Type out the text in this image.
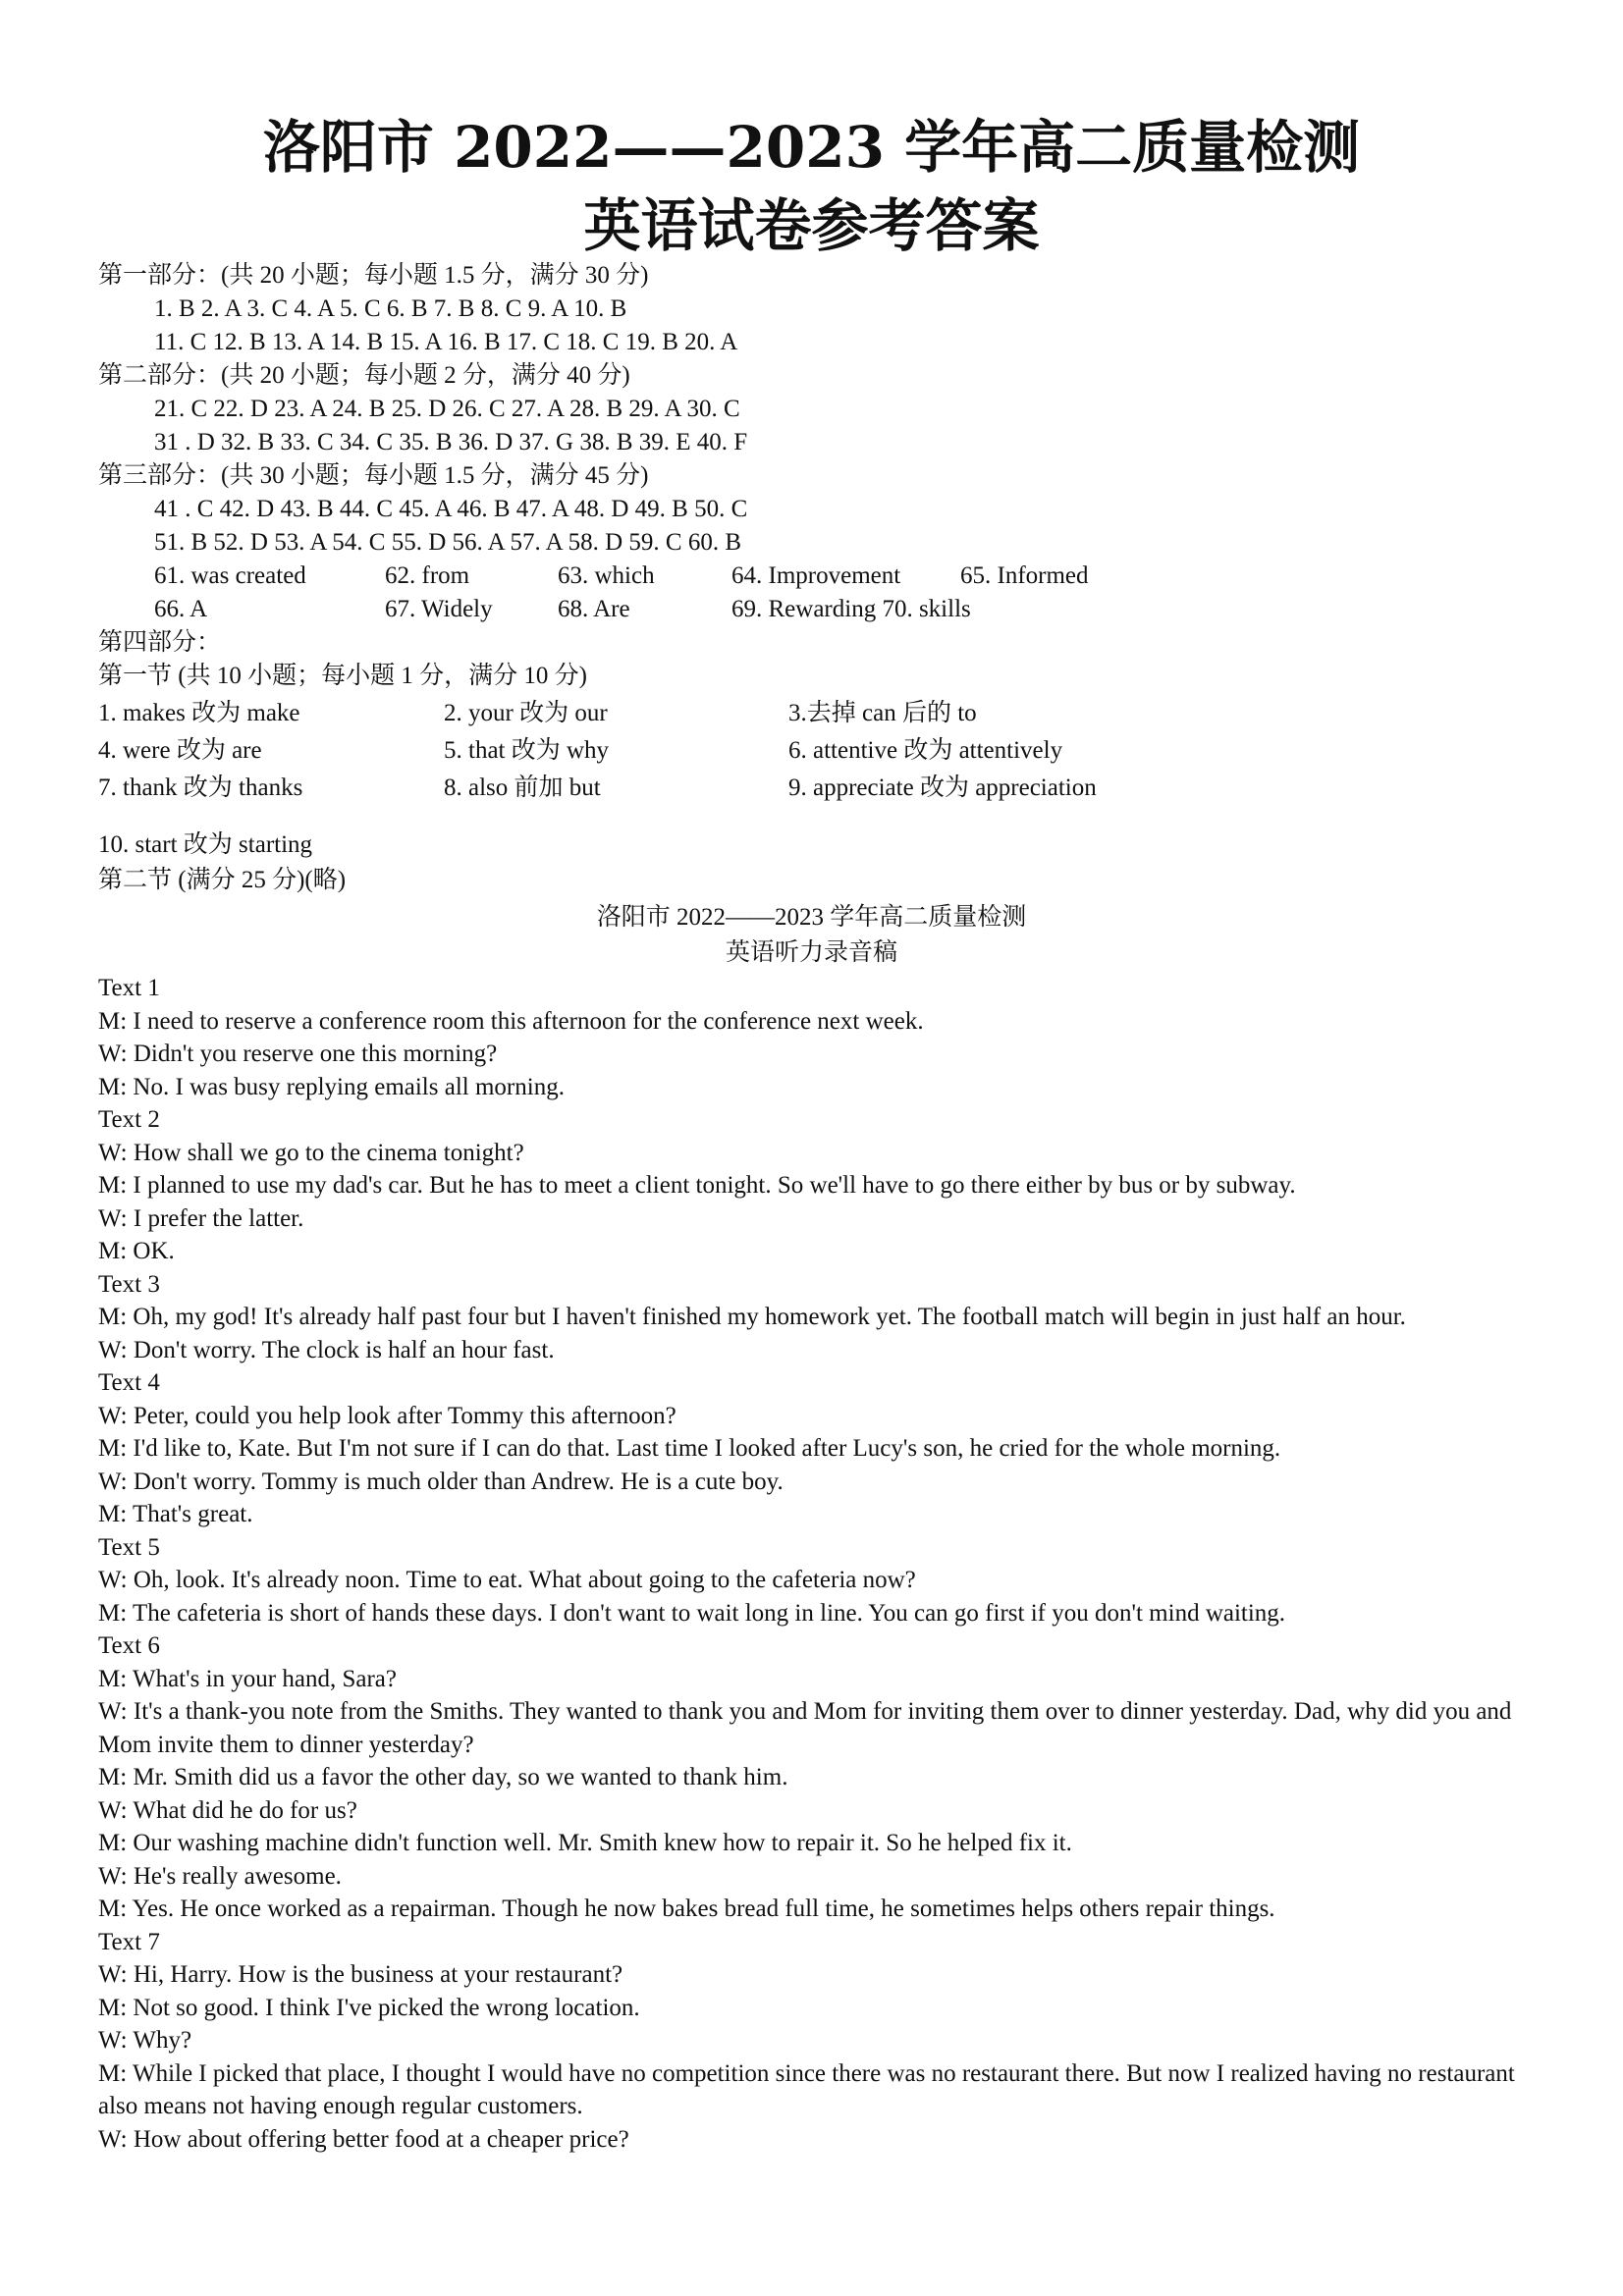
洛阳市 2022——2023 学年高二质量检测
英语试卷参考答案
第一部分：(共 20 小题；每小题 1.5 分，满分 30 分)
1. B 2. A 3. C 4. A 5. C 6. B 7. B 8. C 9. A 10. B
11. C 12. B 13. A 14. B 15. A 16. B 17. C 18. C 19. B 20. A
第二部分：(共 20 小题；每小题 2 分，满分 40 分)
21. C 22. D 23. A 24. B 25. D 26. C 27. A 28. B 29. A 30. C
31 . D 32. B 33. C 34. C 35. B 36. D 37. G 38. B 39. E 40. F
第三部分：(共 30 小题；每小题 1.5 分，满分 45 分)
41 . C 42. D 43. B 44. C 45. A 46. B 47. A 48. D 49. B 50. C
51. B 52. D 53. A 54. C 55. D 56. A 57. A 58. D 59. C 60. B
61. was created	62. from	63. which	64. Improvement 65. Informed
66. A	67. Widely	68. Are	69. Rewarding 70. skills
第四部分：
第一节 (共 10 小题；每小题 1 分，满分 10 分)
1. makes 改为 make	2. your 改为 our	3.去掉 can 后的 to
4. were 改为 are	5. that 改为 why	6. attentive 改为 attentively
7. thank 改为 thanks	8. also 前加 but	9. appreciate 改为 appreciation
10. start 改为 starting
第二节 (满分 25 分)(略)
洛阳市 2022——2023 学年高二质量检测
英语听力录音稿
Text 1
M: I need to reserve a conference room this afternoon for the conference next week.
W: Didn't you reserve one this morning?
M: No. I was busy replying emails all morning.
Text 2
W: How shall we go to the cinema tonight?
M: I planned to use my dad's car. But he has to meet a client tonight. So we'll have to go there either by bus or by subway.
W: I prefer the latter.
M: OK.
Text 3
M: Oh, my god! It's already half past four but I haven't finished my homework yet. The football match will begin in just half an hour.
W: Don't worry. The clock is half an hour fast.
Text 4
W: Peter, could you help look after Tommy this afternoon?
M: I'd like to, Kate. But I'm not sure if I can do that. Last time I looked after Lucy's son, he cried for the whole morning.
W: Don't worry. Tommy is much older than Andrew. He is a cute boy.
M: That's great.
Text 5
W: Oh, look. It's already noon. Time to eat. What about going to the cafeteria now?
M: The cafeteria is short of hands these days. I don't want to wait long in line. You can go first if you don't mind waiting.
Text 6
M: What's in your hand, Sara?
W: It's a thank-you note from the Smiths. They wanted to thank you and Mom for inviting them over to dinner yesterday. Dad, why did you and Mom invite them to dinner yesterday?
M: Mr. Smith did us a favor the other day, so we wanted to thank him.
W: What did he do for us?
M: Our washing machine didn't function well. Mr. Smith knew how to repair it. So he helped fix it.
W: He's really awesome.
M: Yes. He once worked as a repairman. Though he now bakes bread full time, he sometimes helps others repair things.
Text 7
W: Hi, Harry. How is the business at your restaurant?
M: Not so good. I think I've picked the wrong location.
W: Why?
M: While I picked that place, I thought I would have no competition since there was no restaurant there. But now I realized having no restaurant also means not having enough regular customers.
W: How about offering better food at a cheaper price?
